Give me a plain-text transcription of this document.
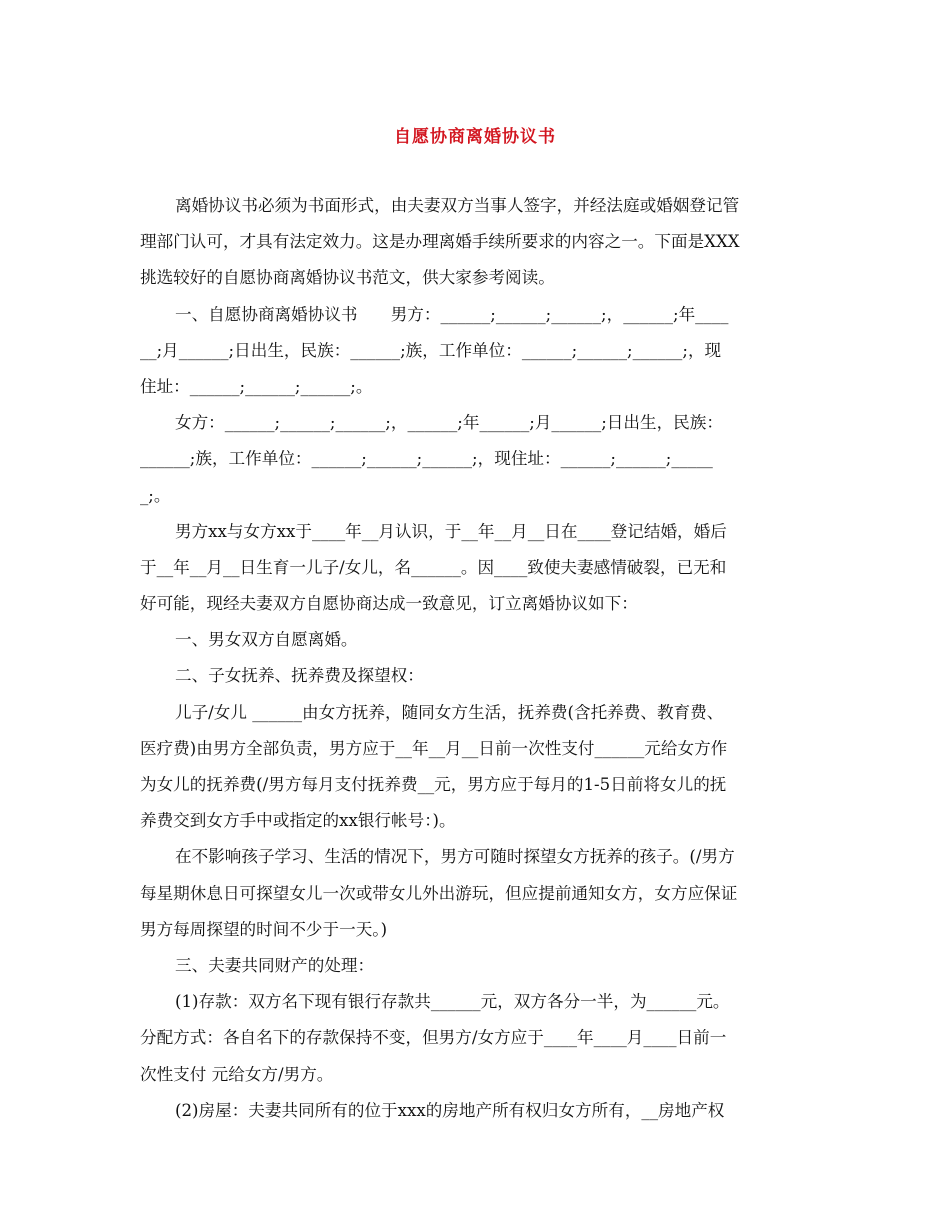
自愿协商离婚协议书
离婚协议书必须为书面形式，由夫妻双方当事人签字，并经法庭或婚姻登记管
理部门认可，才具有法定效力。这是办理离婚手续所要求的内容之一。下面是XXX
挑选较好的自愿协商离婚协议书范文，供大家参考阅读。
一、自愿协商离婚协议书　　男方：______;______;______;，______;年____
__;月______;日出生，民族：______;族，工作单位：______;______;______;，现
住址：______;______;______;。
女方：______;______;______;，______;年______;月______;日出生，民族：
______;族，工作单位：______;______;______;，现住址：______;______;_____
_;。
男方xx与女方xx于____年__月认识，于__年__月__日在____登记结婚，婚后
于__年__月__日生育一儿子/女儿，名______。因____致使夫妻感情破裂，已无和
好可能，现经夫妻双方自愿协商达成一致意见，订立离婚协议如下：
一、男女双方自愿离婚。
二、子女抚养、抚养费及探望权：
儿子/女儿 ______由女方抚养，随同女方生活，抚养费(含托养费、教育费、
医疗费)由男方全部负责，男方应于__年__月__日前一次性支付______元给女方作
为女儿的抚养费(/男方每月支付抚养费__元，男方应于每月的1-5日前将女儿的抚
养费交到女方手中或指定的xx银行帐号：)。
在不影响孩子学习、生活的情况下，男方可随时探望女方抚养的孩子。(/男方
每星期休息日可探望女儿一次或带女儿外出游玩，但应提前通知女方，女方应保证
男方每周探望的时间不少于一天。)
三、夫妻共同财产的处理：
(1)存款：双方名下现有银行存款共______元，双方各分一半，为______元。
分配方式：各自名下的存款保持不变，但男方/女方应于____年____月____日前一
次性支付 元给女方/男方。
(2)房屋：夫妻共同所有的位于xxx的房地产所有权归女方所有，__房地产权
